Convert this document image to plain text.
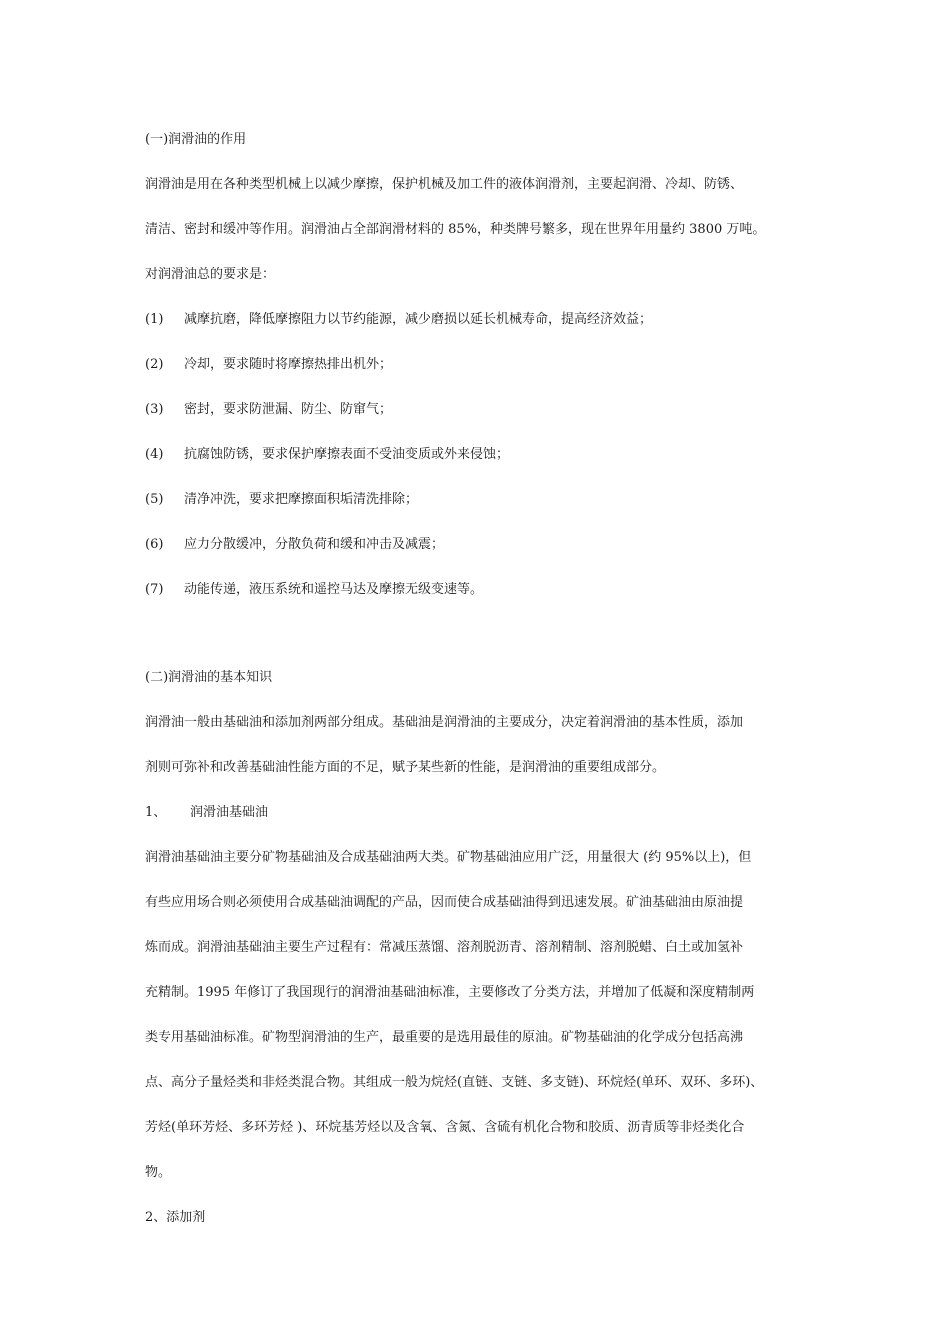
(一)润滑油的作用
润滑油是用在各种类型机械上以减少摩擦，保护机械及加工件的液体润滑剂，主要起润滑、冷却、防锈、
清洁、密封和缓冲等作用。润滑油占全部润滑材料的 85%，种类牌号繁多，现在世界年用量约 3800 万吨。
对润滑油总的要求是：
(1) 减摩抗磨，降低摩擦阻力以节约能源，减少磨损以延长机械寿命，提高经济效益；
(2) 冷却，要求随时将摩擦热排出机外；
(3) 密封，要求防泄漏、防尘、防窜气；
(4) 抗腐蚀防锈，要求保护摩擦表面不受油变质或外来侵蚀；
(5) 清净冲洗，要求把摩擦面积垢清洗排除；
(6) 应力分散缓冲，分散负荷和缓和冲击及减震；
(7) 动能传递，液压系统和遥控马达及摩擦无级变速等。
(二)润滑油的基本知识
润滑油一般由基础油和添加剂两部分组成。基础油是润滑油的主要成分，决定着润滑油的基本性质，添加
剂则可弥补和改善基础油性能方面的不足，赋予某些新的性能，是润滑油的重要组成部分。
1、 润滑油基础油
润滑油基础油主要分矿物基础油及合成基础油两大类。矿物基础油应用广泛，用量很大 (约 95%以上)，但
有些应用场合则必须使用合成基础油调配的产品，因而使合成基础油得到迅速发展。矿油基础油由原油提
炼而成。润滑油基础油主要生产过程有：常减压蒸馏、溶剂脱沥青、溶剂精制、溶剂脱蜡、白土或加氢补
充精制。1995 年修订了我国现行的润滑油基础油标准，主要修改了分类方法，并增加了低凝和深度精制两
类专用基础油标准。矿物型润滑油的生产，最重要的是选用最佳的原油。矿物基础油的化学成分包括高沸
点、高分子量烃类和非烃类混合物。其组成一般为烷烃(直链、支链、多支链)、环烷烃(单环、双环、多环)、
芳烃(单环芳烃、多环芳烃 )、环烷基芳烃以及含氧、含氮、含硫有机化合物和胶质、沥青质等非烃类化合
物。
2、添加剂
